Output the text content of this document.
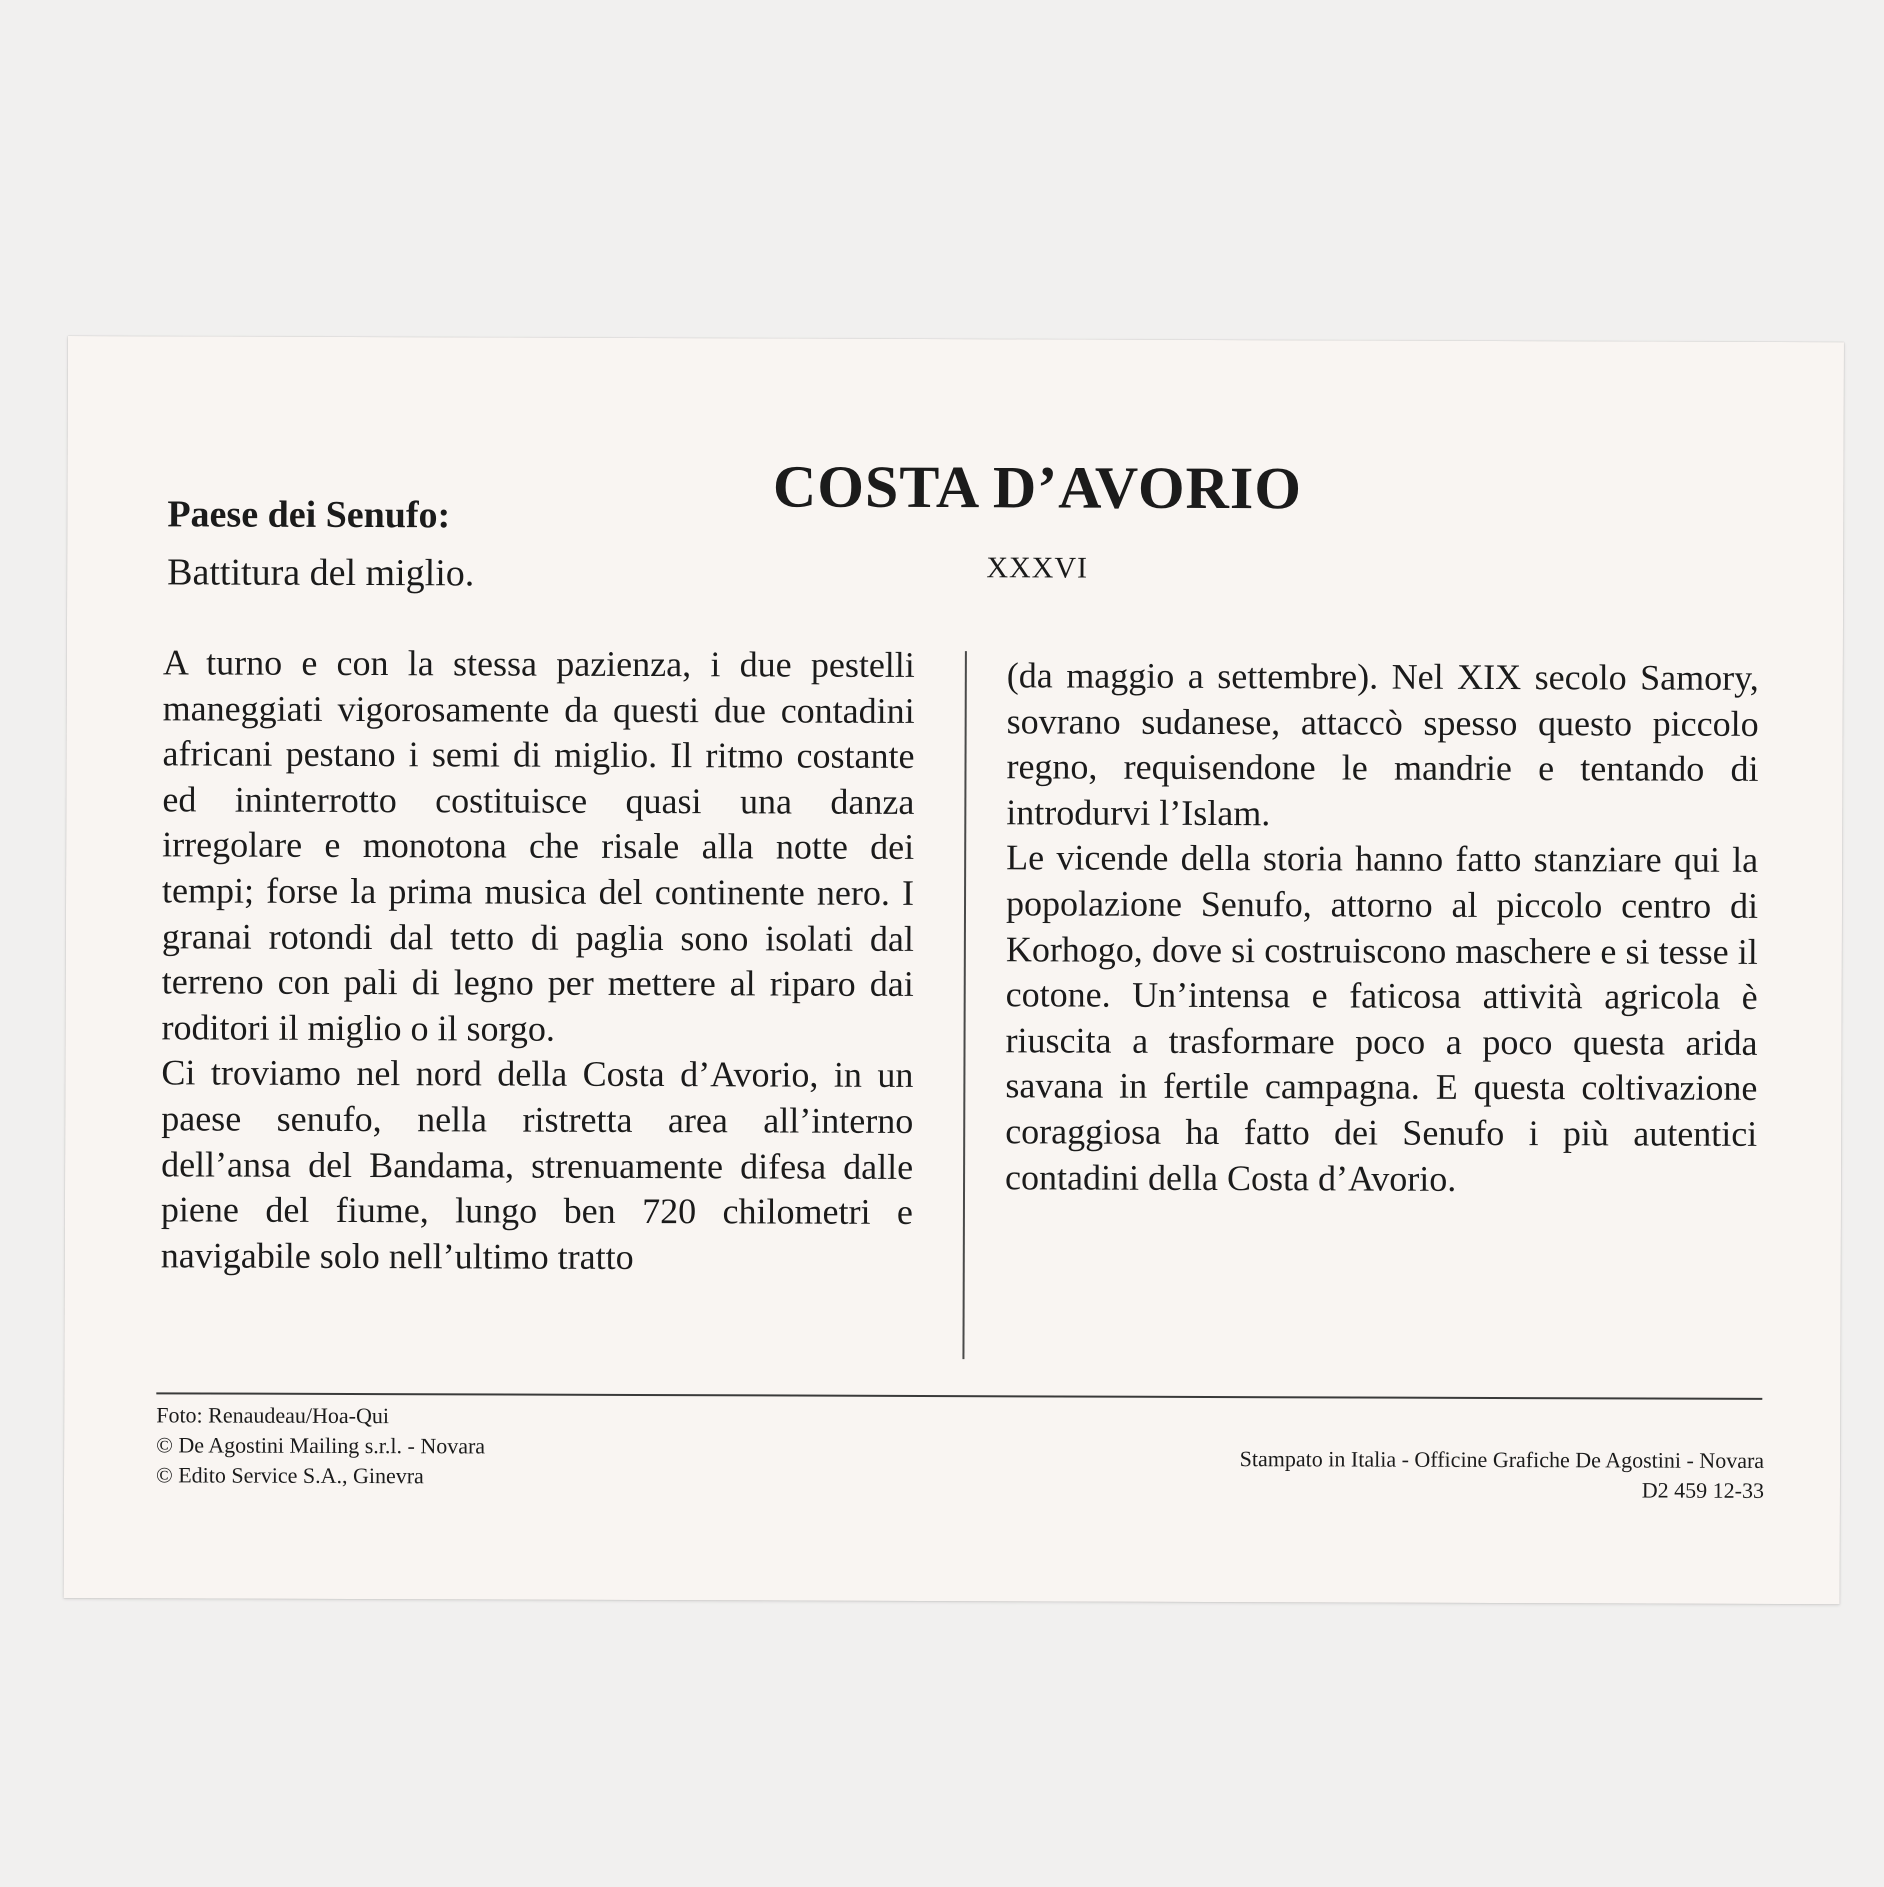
Paese dei Senufo:
Battitura del miglio.
COSTA D’AVORIO
XXXVI

A turno e con la stessa pazienza, i due pestelli maneggiati vigorosamente da questi due contadini africani pestano i semi di miglio. Il ritmo costante ed ininterrotto costituisce quasi una danza irregolare e monotona che risale alla notte dei tempi; forse la prima musica del continente nero. I granai rotondi dal tetto di paglia sono isolati dal terreno con pali di legno per mettere al riparo dai roditori il miglio o il sorgo.

Ci troviamo nel nord della Costa d’Avorio, in un paese senufo, nella ristretta area all’interno dell’ansa del Bandama, strenuamente difesa dalle piene del fiume, lungo ben 720 chilometri e navigabile solo nell’ultimo tratto

(da maggio a settembre). Nel XIX secolo Samory, sovrano sudanese, attaccò spesso questo piccolo regno, requisendone le mandrie e tentando di introdurvi l’Islam.

Le vicende della storia hanno fatto stanziare qui la popolazione Senufo, attorno al piccolo centro di Korhogo, dove si costruiscono maschere e si tesse il cotone. Un’intensa e faticosa attività agricola è riuscita a trasformare poco a poco questa arida savana in fertile campagna. E questa coltivazione coraggiosa ha fatto dei Senufo i più autentici contadini della Costa d’Avorio.

Foto: Renaudeau/Hoa-Qui
© De Agostini Mailing s.r.l. - Novara
© Edito Service S.A., Ginevra
Stampato in Italia - Officine Grafiche De Agostini - Novara
D2 459 12-33
